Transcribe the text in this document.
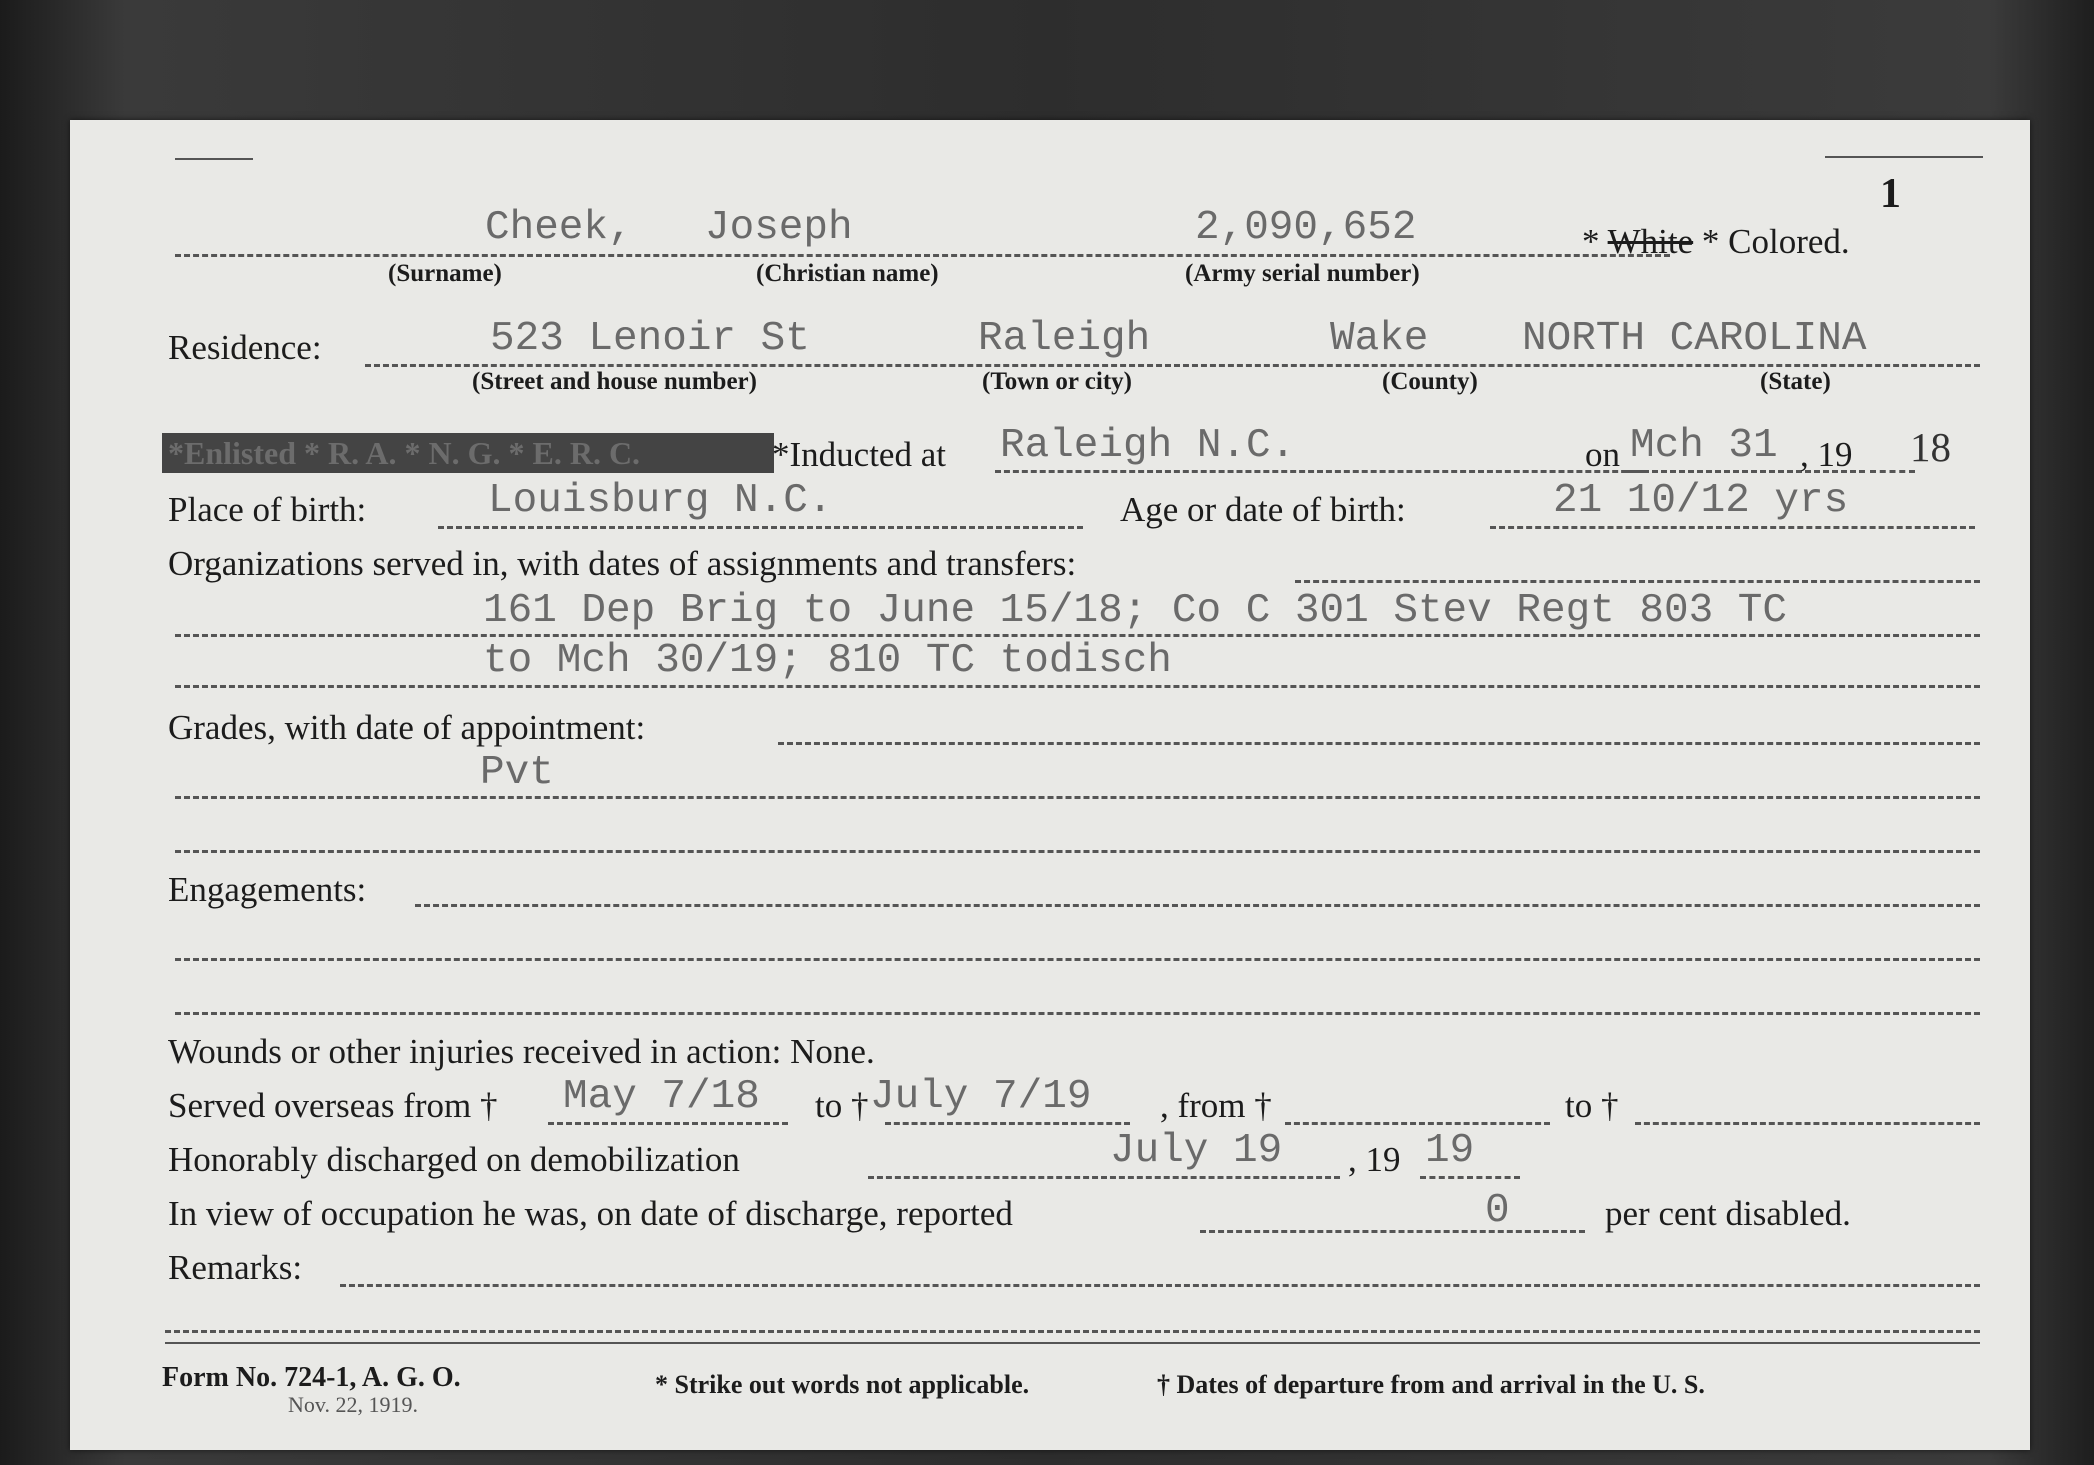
1
Cheek, Joseph	2,090,652	* White * Colored.
(Surname)	(Christian name)	(Army serial number)
Residence:	523 Lenoir St	Raleigh	Wake NORTH CAROLINA
(Street and house number)	(Town or city)	(County)	(State)
*Enlisted * R. A. * N. G. * E. R. C.	*Inducted at Raleigh N.C.	on Mch 31 , 19 18
Place of birth:	Louisburg N.C.	Age or date of birth:	21 10/12 yrs
Organizations served in, with dates of assignments and transfers:
161 Dep Brig to June 15/18; Co C 301 Stev Regt 803 TC
to Mch 30/19; 810 TC todisch
Grades, with date of appointment:
Pvt
Engagements:
Wounds or other injuries received in action: None.
Served overseas from † May 7/18 to † July 7/19 , from †	to †
Honorably discharged on demobilization	July 19 , 19 19
In view of occupation he was, on date of discharge, reported	0	per cent disabled.
Remarks:
Form No. 724-1, A. G. O.
Nov. 22, 1919.
* Strike out words not applicable.	† Dates of departure from and arrival in the U. S.
